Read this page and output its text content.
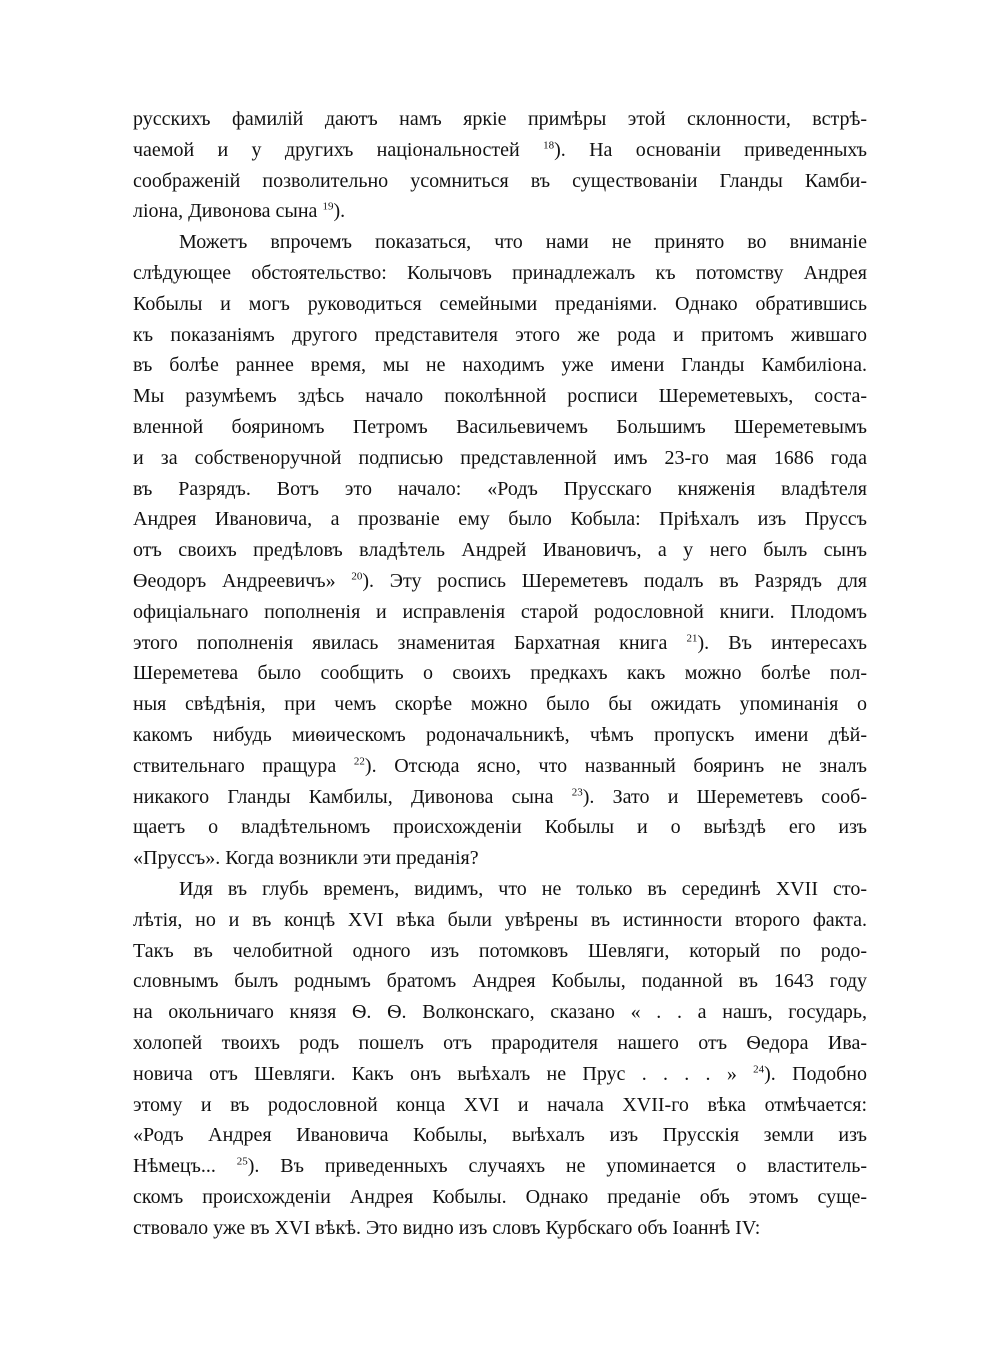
русскихъ фамилій даютъ намъ яркіе примѣры этой склонности, встрѣ-
чаемой и у другихъ національностей $^{18}$). На основаніи приведенныхъ
соображеній позволительно усомниться въ существованіи Гланды Камби-
ліона, Дивонова сына $^{19}$).
Можетъ впрочемъ показаться, что нами не принято во вниманіе
слѣдующее обстоятельство: Колычовъ принадлежалъ къ потомству Андрея
Кобылы и могъ руководиться семейными преданіями. Однако обратившись
къ показаніямъ другого представителя этого же рода и притомъ жившаго
въ болѣе раннее время, мы не находимъ уже имени Гланды Камбиліона.
Мы разумѣемъ здѣсь начало поколѣнной росписи Шереметевыхъ, соста-
вленной бояриномъ Петромъ Васильевичемъ Большимъ Шереметевымъ
и за собственоручной подписью представленной имъ 23-го мая 1686 года
въ Разрядъ. Вотъ это начало: «Родъ Прусскаго княженія владѣтеля
Андрея Ивановича, а прозваніе ему было Кобыла: Пріѣхалъ изъ Пруссъ
отъ своихъ предѣловъ владѣтель Андрей Ивановичъ, а у него былъ сынъ
Өеодоръ Андреевичъ» $^{20}$). Эту роспись Шереметевъ подалъ въ Разрядъ для
офиціальнаго пополненія и исправленія старой родословной книги. Плодомъ
этого пополненія явилась знаменитая Бархатная книга $^{21}$). Въ интересахъ
Шереметева было сообщить о своихъ предкахъ какъ можно болѣе пол-
ныя свѣдѣнія, при чемъ скорѣе можно было бы ожидать упоминанія о
какомъ нибудь миѳическомъ родоначальникѣ, чѣмъ пропускъ имени дѣй-
ствительнаго пращура $^{22}$). Отсюда ясно, что названный бояринъ не зналъ
никакого Гланды Камбилы, Дивонова сына $^{23}$). Зато и Шереметевъ сооб-
щаетъ о владѣтельномъ происхожденіи Кобылы и о выѣздѣ его изъ
«Пруссъ». Когда возникли эти преданія?
Идя въ глубь временъ, видимъ, что не только въ серединѣ XVII сто-
лѣтія, но и въ концѣ XVI вѣка были увѣрены въ истинности второго факта.
Такъ въ челобитной одного изъ потомковъ Шевляги, который по родо-
словнымъ былъ роднымъ братомъ Андрея Кобылы, поданной въ 1643 году
на окольничаго князя Ѳ. Ѳ. Волконскаго, сказано « . . а нашъ, государь,
холопей твоихъ родъ пошелъ отъ прародителя нашего отъ Ѳедора Ива-
новича отъ Шевляги. Какъ онъ выѣхалъ не Прус . . . . » $^{24}$). Подобно
этому и въ родословной конца XVI и начала XVII-го вѣка отмѣчается:
«Родъ Андрея Ивановича Кобылы, выѣхалъ изъ Прусскія земли изъ
Нѣмецъ... $^{25}$). Въ приведенныхъ случаяхъ не упоминается о властитель-
скомъ происхожденіи Андрея Кобылы. Однако преданіе объ этомъ суще-
ствовало уже въ XVI вѣкѣ. Это видно изъ словъ Курбскаго объ Іоаннѣ IV:
